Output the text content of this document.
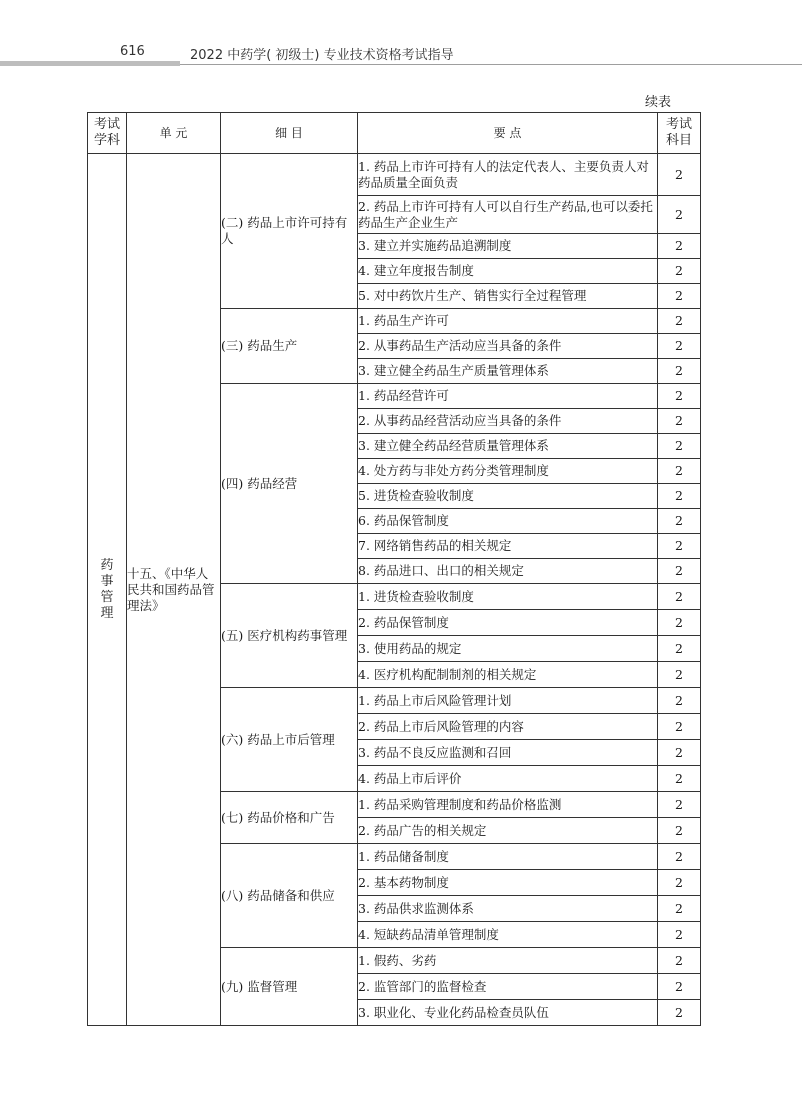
616	2022 中药学( 初级士) 专业技术资格考试指导
续表
考试学科	单 元	细 目	要 点	考试科目
药事管理	十五、《中华人民共和国药品管理法》	(二) 药品上市许可持有人	1. 药品上市许可持有人的法定代表人、主要负责人对药品质量全面负责	2
			2. 药品上市许可持有人可以自行生产药品,也可以委托药品生产企业生产	2
			3. 建立并实施药品追溯制度	2
			4. 建立年度报告制度	2
			5. 对中药饮片生产、销售实行全过程管理	2
		(三) 药品生产	1. 药品生产许可	2
			2. 从事药品生产活动应当具备的条件	2
			3. 建立健全药品生产质量管理体系	2
		(四) 药品经营	1. 药品经营许可	2
			2. 从事药品经营活动应当具备的条件	2
			3. 建立健全药品经营质量管理体系	2
			4. 处方药与非处方药分类管理制度	2
			5. 进货检查验收制度	2
			6. 药品保管制度	2
			7. 网络销售药品的相关规定	2
			8. 药品进口、出口的相关规定	2
		(五) 医疗机构药事管理	1. 进货检查验收制度	2
			2. 药品保管制度	2
			3. 使用药品的规定	2
			4. 医疗机构配制制剂的相关规定	2
		(六) 药品上市后管理	1. 药品上市后风险管理计划	2
			2. 药品上市后风险管理的内容	2
			3. 药品不良反应监测和召回	2
			4. 药品上市后评价	2
		(七) 药品价格和广告	1. 药品采购管理制度和药品价格监测	2
			2. 药品广告的相关规定	2
		(八) 药品储备和供应	1. 药品储备制度	2
			2. 基本药物制度	2
			3. 药品供求监测体系	2
			4. 短缺药品清单管理制度	2
		(九) 监督管理	1. 假药、劣药	2
			2. 监管部门的监督检查	2
			3. 职业化、专业化药品检查员队伍	2
